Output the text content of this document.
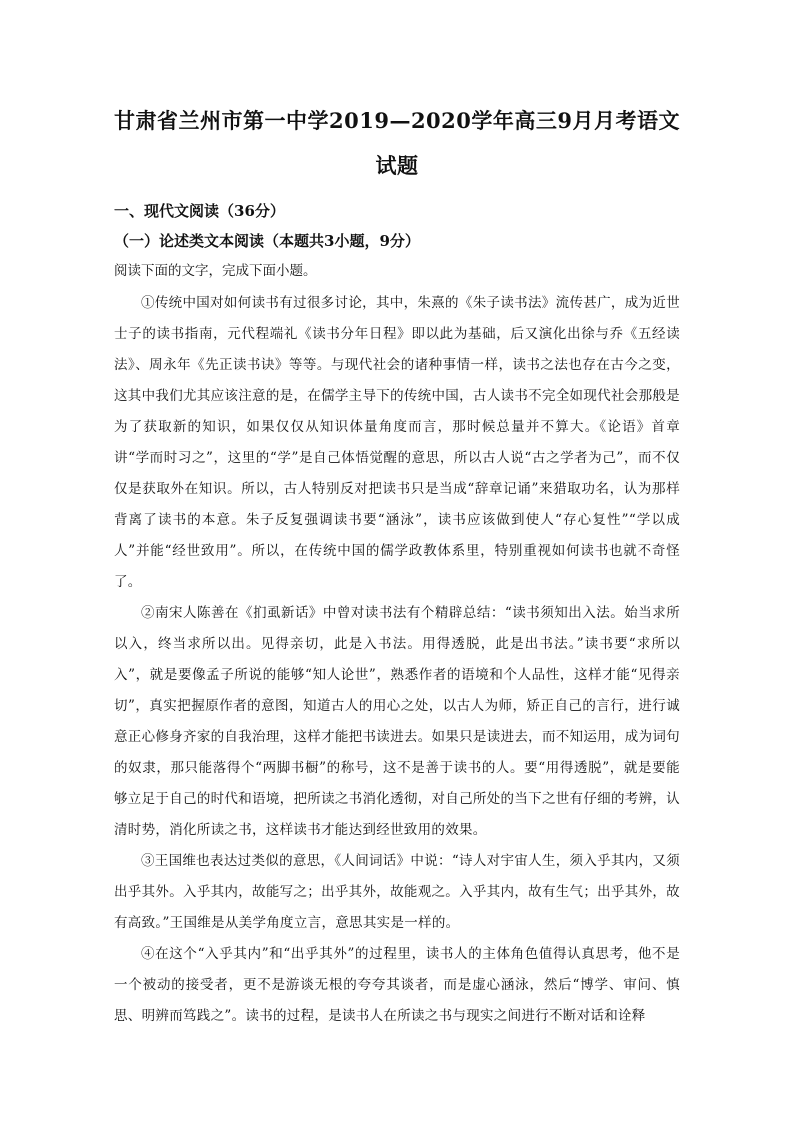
甘肃省兰州市第一中学2019—2020学年高三9月月考语文试题
一、现代文阅读（36分）
（一）论述类文本阅读（本题共3小题，9分）
阅读下面的文字，完成下面小题。

①传统中国对如何读书有过很多讨论，其中，朱熹的《朱子读书法》流传甚广，成为近世士子的读书指南，元代程端礼《读书分年日程》即以此为基础，后又演化出徐与乔《五经读法》、周永年《先正读书诀》等等。与现代社会的诸种事情一样，读书之法也存在古今之变，这其中我们尤其应该注意的是，在儒学主导下的传统中国，古人读书不完全如现代社会那般是为了获取新的知识，如果仅仅从知识体量角度而言，那时候总量并不算大。《论语》首章讲“学而时习之”，这里的“学”是自己体悟觉醒的意思，所以古人说“古之学者为己”，而不仅仅是获取外在知识。所以，古人特别反对把读书只是当成“辞章记诵”来猎取功名，认为那样背离了读书的本意。朱子反复强调读书要“涵泳”，读书应该做到使人“存心复性”“学以成人”并能“经世致用”。所以，在传统中国的儒学政教体系里，特别重视如何读书也就不奇怪了。

②南宋人陈善在《扪虱新话》中曾对读书法有个精辟总结：“读书须知出入法。始当求所以入，终当求所以出。见得亲切，此是入书法。用得透脱，此是出书法。”读书要“求所以入”，就是要像孟子所说的能够“知人论世”，熟悉作者的语境和个人品性，这样才能“见得亲切”，真实把握原作者的意图，知道古人的用心之处，以古人为师，矫正自己的言行，进行诚意正心修身齐家的自我治理，这样才能把书读进去。如果只是读进去，而不知运用，成为词句的奴隶，那只能落得个“两脚书橱”的称号，这不是善于读书的人。要“用得透脱”，就是要能够立足于自己的时代和语境，把所读之书消化透彻，对自己所处的当下之世有仔细的考辨，认清时势，消化所读之书，这样读书才能达到经世致用的效果。

③王国维也表达过类似的意思，《人间词话》中说：“诗人对宇宙人生，须入乎其内，又须出乎其外。入乎其内，故能写之；出乎其外，故能观之。入乎其内，故有生气；出乎其外，故有高致。”王国维是从美学角度立言，意思其实是一样的。

④在这个“入乎其内”和“出乎其外”的过程里，读书人的主体角色值得认真思考，他不是一个被动的接受者，更不是游谈无根的夸夸其谈者，而是虚心涵泳，然后“博学、审问、慎思、明辨而笃践之”。读书的过程，是读书人在所读之书与现实之间进行不断对话和诠释
